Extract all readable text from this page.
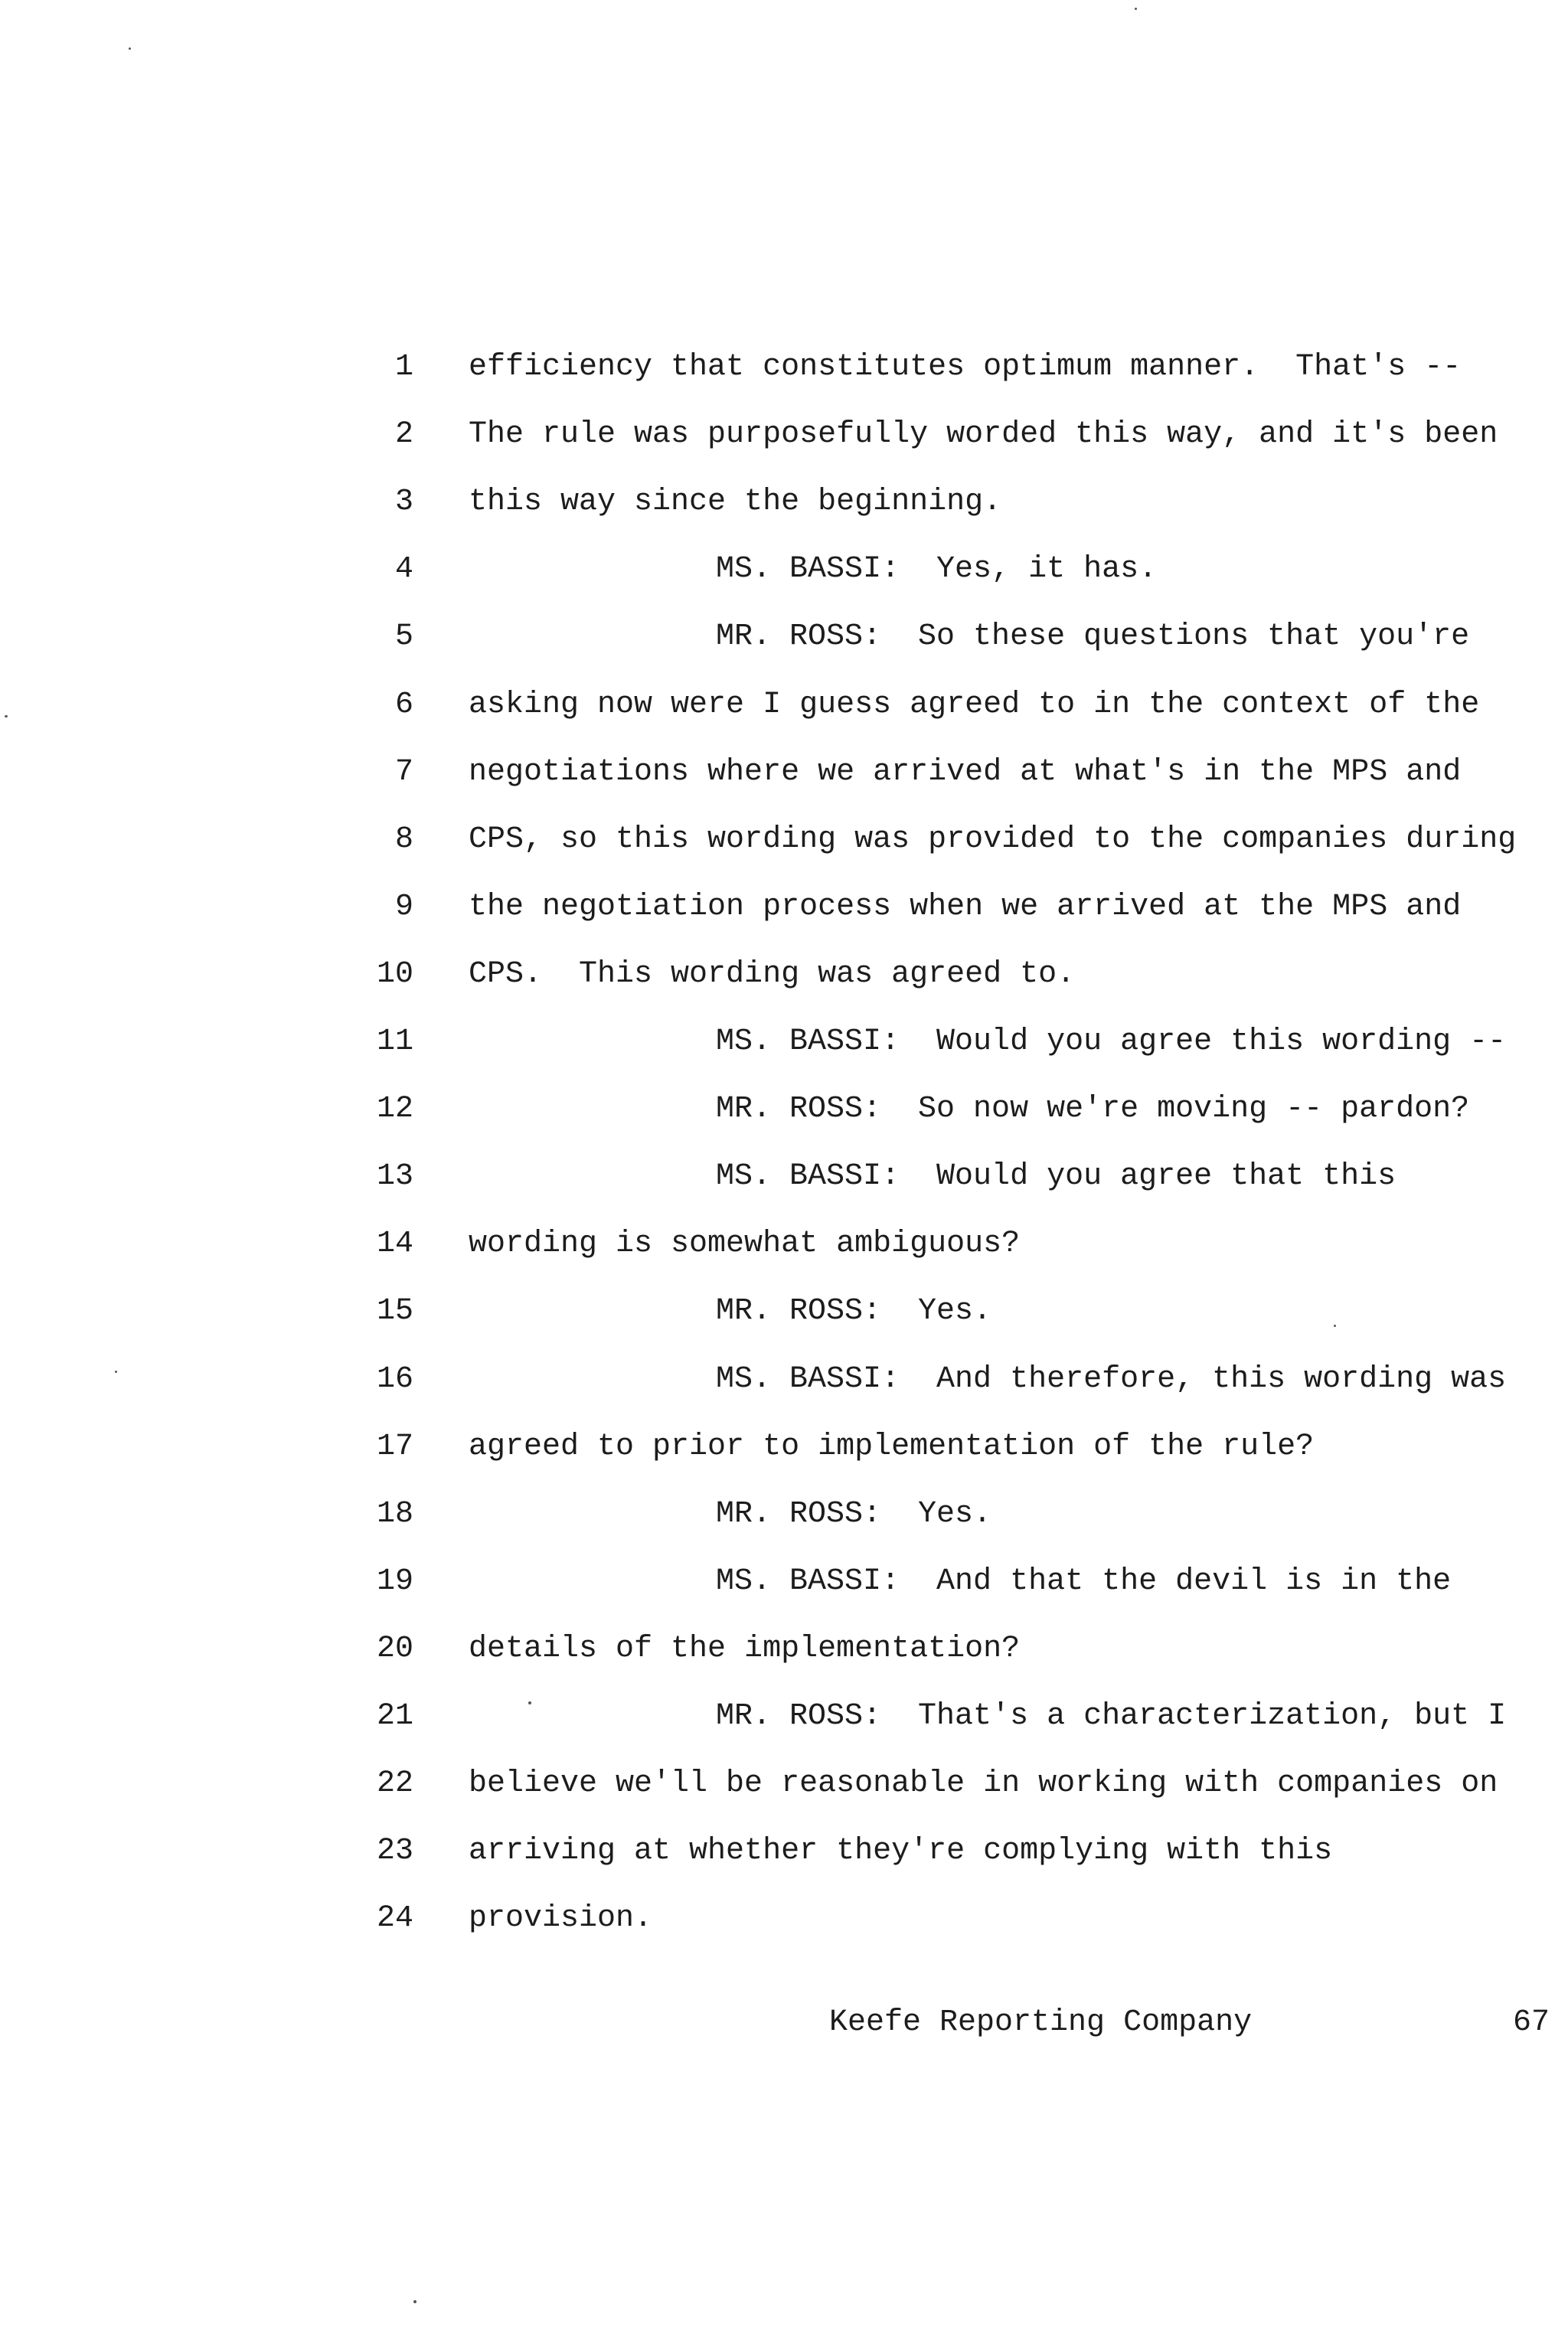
1 efficiency that constitutes optimum manner.  That's --
2 The rule was purposefully worded this way, and it's been
3 this way since the beginning.
4	MS. BASSI:  Yes, it has.
5	MR. ROSS:  So these questions that you're
6 asking now were I guess agreed to in the context of the
7 negotiations where we arrived at what's in the MPS and
8 CPS, so this wording was provided to the companies during
9 the negotiation process when we arrived at the MPS and
10 CPS.  This wording was agreed to.
11	MS. BASSI:  Would you agree this wording --
12	MR. ROSS:  So now we're moving -- pardon?
13	MS. BASSI:  Would you agree that this
14 wording is somewhat ambiguous?
15	MR. ROSS:  Yes.
16	MS. BASSI:  And therefore, this wording was
17 agreed to prior to implementation of the rule?
18	MR. ROSS:  Yes.
19	MS. BASSI:  And that the devil is in the
20 details of the implementation?
21	MR. ROSS:  That's a characterization, but I
22 believe we'll be reasonable in working with companies on
23 arriving at whether they're complying with this
24 provision.
Keefe Reporting Company	67
